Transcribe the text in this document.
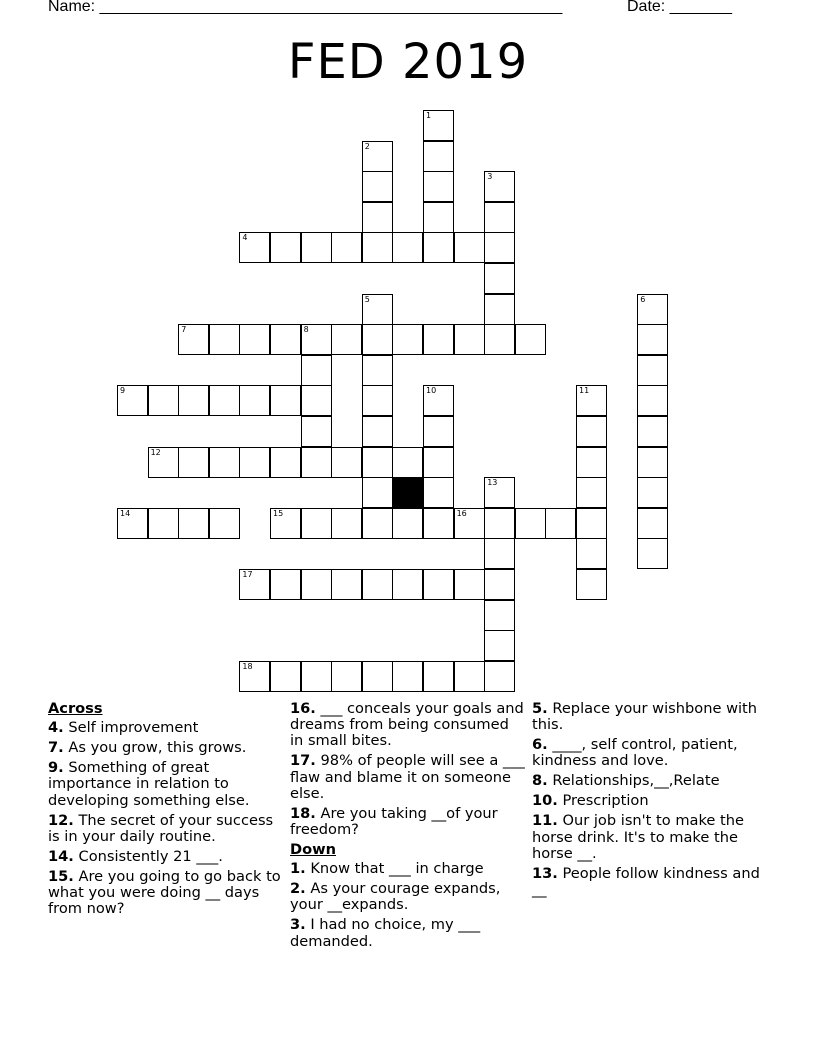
Name: ____________________________________________________	Date: _______
FED 2019
1
2
3
4
5	6
7	8
9	10	11
12
13
14	15	16
17
18
Across
4. Self improvement
7. As you grow, this grows.
9. Something of great importance in relation to developing something else.
12. The secret of your success is in your daily routine.
14. Consistently 21 ___.
15. Are you going to go back to what you were doing __ days from now?
16. ___ conceals your goals and dreams from being consumed in small bites.
17. 98% of people will see a ___ flaw and blame it on someone else.
18. Are you taking __of your freedom?
Down
1. Know that ___ in charge
2. As your courage expands, your __expands.
3. I had no choice, my ___ demanded.
5. Replace your wishbone with this.
6. ____, self control, patient, kindness and love.
8. Relationships,__,Relate
10. Prescription
11. Our job isn't to make the horse drink. It's to make the horse __.
13. People follow kindness and __
